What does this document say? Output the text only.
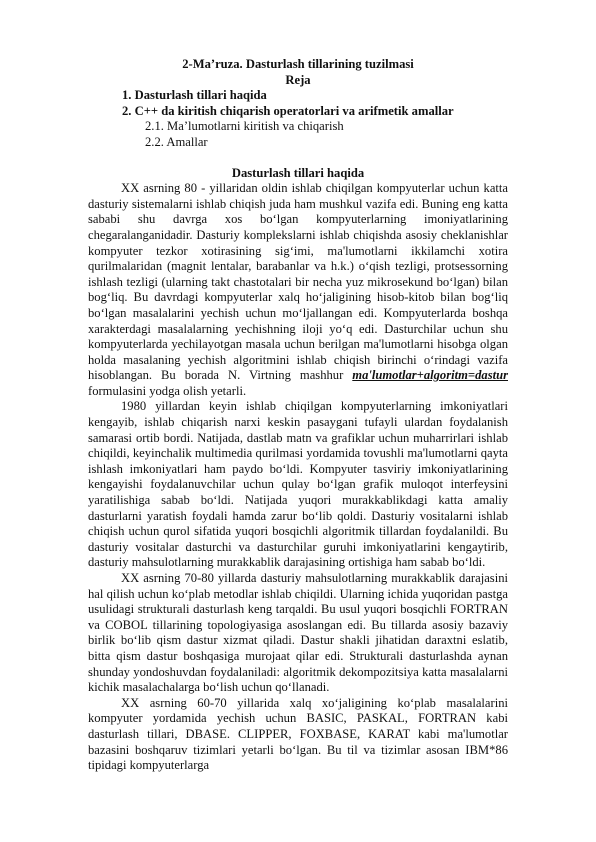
2-Ma’ruza. Dasturlash tillarining tuzilmasi
Reja
1. Dasturlash tillari haqida
2. C++ da kiritish chiqarish operatorlari va arifmetik amallar
2.1. Ma’lumotlarni kiritish va chiqarish
2.2. Amallar
Dasturlash tillari haqida

XX asrning 80 - yillaridan oldin ishlab chiqilgan kompyuterlar uchun katta dasturiy sistemalarni ishlab chiqish juda ham mushkul vazifa edi. Buning eng katta sababi shu davrga xos bo‘lgan kompyuterlarning imoniyatlarining chegaralanganidadir. Dasturiy komplekslarni ishlab chiqishda asosiy cheklanishlar kompyuter tezkor xotirasining sig‘imi, ma'lumotlarni ikkilamchi xotira qurilmalaridan (magnit lentalar, barabanlar va h.k.) o‘qish tezligi, protsessorning ishlash tezligi (ularning takt chastotalari bir necha yuz mikrosekund bo‘lgan) bilan bog‘liq. Bu davrdagi kompyuterlar xalq ho‘jaligining hisob-kitob bilan bog‘liq bo‘lgan masalalarini yechish uchun mo‘ljallangan edi. Kompyuterlarda boshqa xarakterdagi masalalarning yechishning iloji yo‘q edi. Dasturchilar uchun shu kompyuterlarda yechilayotgan masala uchun berilgan ma'lumotlarni hisobga olgan holda masalaning yechish algoritmini ishlab chiqish birinchi o‘rindagi vazifa hisoblangan. Bu borada N. Virtning mashhur ma'lumotlar+algoritm=dastur formulasini yodga olish yetarli.

1980 yillardan keyin ishlab chiqilgan kompyuterlarning imkoniyatlari kengayib, ishlab chiqarish narxi keskin pasaygani tufayli ulardan foydalanish samarasi ortib bordi. Natijada, dastlab matn va grafiklar uchun muharrirlari ishlab chiqildi, keyinchalik multimedia qurilmasi yordamida tovushli ma'lumotlarni qayta ishlash imkoniyatlari ham paydo bo‘ldi. Kompyuter tasviriy imkoniyatlarining kengayishi foydalanuvchilar uchun qulay bo‘lgan grafik muloqot interfeysini yaratilishiga sabab bo‘ldi. Natijada yuqori murakkablikdagi katta amaliy dasturlarni yaratish foydali hamda zarur bo‘lib qoldi. Dasturiy vositalarni ishlab chiqish uchun qurol sifatida yuqori bosqichli algoritmik tillardan foydalanildi. Bu dasturiy vositalar dasturchi va dasturchilar guruhi imkoniyatlarini kengaytirib, dasturiy mahsulotlarning murakkablik darajasining ortishiga ham sabab bo‘ldi.

XX asrning 70-80 yillarda dasturiy mahsulotlarning murakkablik darajasini hal qilish uchun ko‘plab metodlar ishlab chiqildi. Ularning ichida yuqoridan pastga usulidagi strukturali dasturlash keng tarqaldi. Bu usul yuqori bosqichli FORTRAN va COBOL tillarining topologiyasiga asoslangan edi. Bu tillarda asosiy bazaviy birlik bo‘lib qism dastur xizmat qiladi. Dastur shakli jihatidan daraxtni eslatib, bitta qism dastur boshqasiga murojaat qilar edi. Strukturali dasturlashda aynan shunday yondoshuvdan foydalaniladi: algoritmik dekompozitsiya katta masalalarni kichik masalachalarga bo‘lish uchun qo‘llanadi.

XX asrning 60-70 yillarida xalq xo‘jaligining ko‘plab masalalarini kompyuter yordamida yechish uchun BASIC, PASKAL, FORTRAN kabi dasturlash tillari, DBASE. CLIPPER, FOXBASE, KARAT kabi ma'lumotlar bazasini boshqaruv tizimlari yetarli bo‘lgan. Bu til va tizimlar asosan IBM*86 tipidagi kompyuterlarga
